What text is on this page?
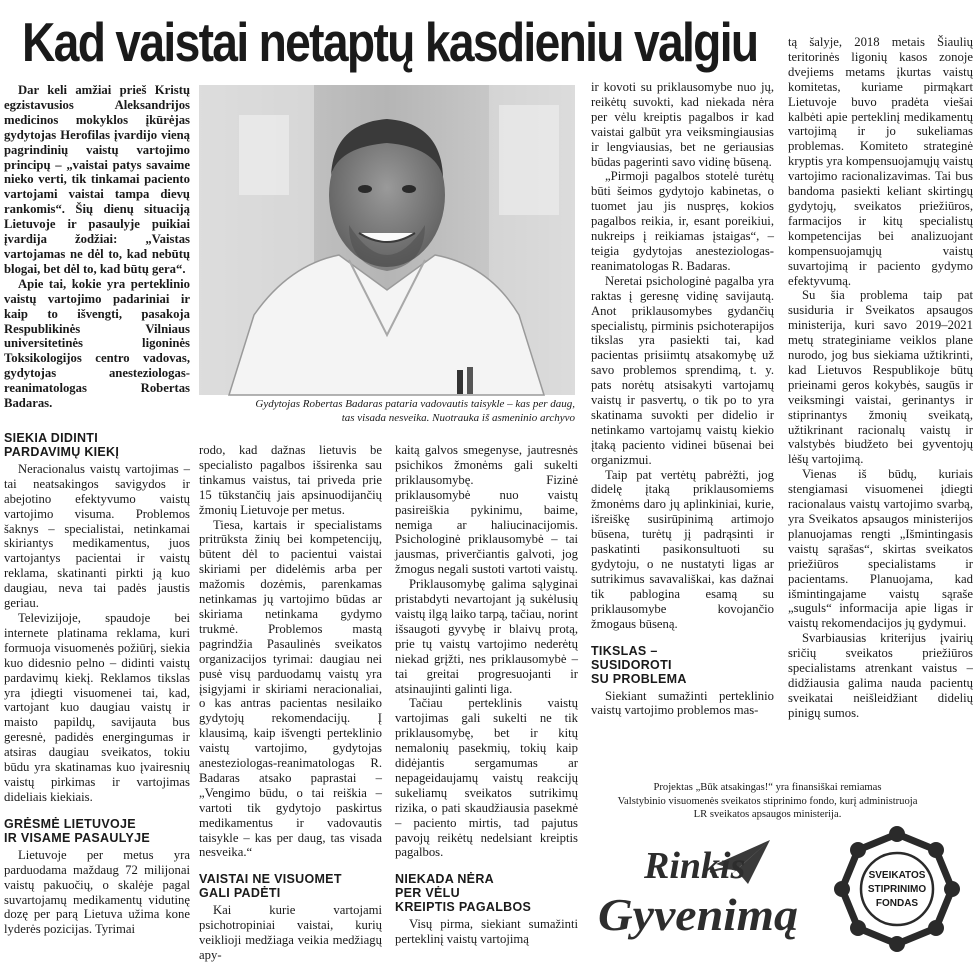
Kad vaistai netaptų kasdieniu valgiu

Dar keli amžiai prieš Kristų egzistavusios Aleksandrijos medicinos mokyklos įkūrėjas gydytojas Herofilas įvardijo vieną pagrindinių vaistų vartojimo principų – „vaistai patys savaime nieko verti, tik tinkamai paciento vartojami vaistai tampa dievų rankomis“. Šių dienų situaciją Lietuvoje ir pasaulyje puikiai įvardija žodžiai: „Vaistas vartojamas ne dėl to, kad nebūtų blogai, bet dėl to, kad būtų gera“.

Apie tai, kokie yra perteklinio vaistų vartojimo padariniai ir kaip to išvengti, pasakoja Respublikinės Vilniaus universitetinės ligoninės Toksikologijos centro vadovas, gydytojas anesteziologas-reanimatologas Robertas Badaras.

SIEKIA DIDINTI
PARDAVIMŲ KIEKĮ

Neracionalus vaistų vartojimas – tai neatsakingos savigydos ir abejotino efektyvumo vaistų vartojimo visuma. Problemos šaknys – specialistai, netinkamai skiriantys medikamentus, juos vartojantys pacientai ir vaistų reklama, skatinanti pirkti ją kuo daugiau, neva tai padės jaustis geriau.

Televizijoje, spaudoje bei internete platinama reklama, kuri formuoja visuomenės požiūrį, siekia kuo didesnio pelno – didinti vaistų pardavimų kiekį. Reklamos tikslas yra įdiegti visuomenei tai, kad, vartojant kuo daugiau vaistų ir maisto papildų, savijauta bus geresnė, padidės energingumas ir atsiras daugiau sveikatos, tokiu būdu yra skatinamas kuo įvairesnių vaistų pirkimas ir vartojimas dideliais kiekiais.

GRĖSMĖ LIETUVOJE
IR VISAME PASAULYJE

Lietuvoje per metus yra parduodama maždaug 72 milijonai vaistų pakuočių, o skalėje pagal suvartojamų medikamentų vidutinę dozę per parą Lietuva užima kone lyderės pozicijas. Tyrimai

Gydytojas Robertas Badaras pataria vadovautis taisykle – kas per daug,
tas visada nesveika. Nuotrauka iš asmeninio archyvo

rodo, kad dažnas lietuvis be specialisto pagalbos išsirenka sau tinkamus vaistus, tai priveda prie 15 tūkstančių jais apsinuodijančių žmonių Lietuvoje per metus.

Tiesa, kartais ir specialistams pritrūksta žinių bei kompetencijų, būtent dėl to pacientui vaistai skiriami per didelėmis arba per mažomis dozėmis, parenkamas netinkamas jų vartojimo būdas ar skiriama netinkama gydymo trukmė. Problemos mastą pagrindžia Pasaulinės sveikatos organizacijos tyrimai: daugiau nei pusė visų parduodamų vaistų yra įsigyjami ir skiriami neracionaliai, o kas antras pacientas nesilaiko gydytojų rekomendacijų. Į klausimą, kaip išvengti perteklinio vaistų vartojimo, gydytojas anesteziologas-reanimatologas R. Badaras atsako paprastai – „Vengimo būdu, o tai reiškia – vartoti tik gydytojo paskirtus medikamentus ir vadovautis taisykle – kas per daug, tas visada nesveika.“

VAISTAI NE VISUOMET
GALI PADĖTI

Kai kurie vartojami psichotropiniai vaistai, kurių veiklioji medžiaga veikia medžiagų apy-

kaitą galvos smegenyse, jautresnės psichikos žmonėms gali sukelti priklausomybę. Fizinė priklausomybė nuo vaistų pasireiškia pykinimu, baime, nemiga ar haliucinacijomis. Psichologinė priklausomybė – tai jausmas, priverčiantis galvoti, jog žmogus negali sustoti vartoti vaistų.

Priklausomybę galima sąlyginai pristabdyti nevartojant ją sukėlusių vaistų ilgą laiko tarpą, tačiau, norint išsaugoti gyvybę ir blaivų protą, prie tų vaistų vartojimo nederėtų niekad grįžti, nes priklausomybė – tai greitai progresuojanti ir atsinaujinti galinti liga.

Tačiau perteklinis vaistų vartojimas gali sukelti ne tik priklausomybę, bet ir kitų nemalonių pasekmių, tokių kaip didėjantis sergamumas ar nepageidaujamų vaistų reakcijų sukeliamų sveikatos sutrikimų rizika, o pati skaudžiausia pasekmė – paciento mirtis, tad pajutus pavojų reikėtų nedelsiant kreiptis pagalbos.

NIEKADA NĖRA
PER VĖLU
KREIPTIS PAGALBOS

Visų pirma, siekiant sumažinti perteklinį vaistų vartojimą

ir kovoti su priklausomybe nuo jų, reikėtų suvokti, kad niekada nėra per vėlu kreiptis pagalbos ir kad vaistai galbūt yra veiksmingiausias ir lengviausias, bet ne geriausias būdas pagerinti savo vidinę būseną.

„Pirmoji pagalbos stotelė turėtų būti šeimos gydytojo kabinetas, o tuomet jau jis nuspręs, kokios pagalbos reikia, ir, esant poreikiui, nukreips į reikiamas įstaigas“, – teigia gydytojas anesteziologas-reanimatologas R. Badaras.

Neretai psichologinė pagalba yra raktas į geresnę vidinę savijautą. Anot priklausomybes gydančių specialistų, pirminis psichoterapijos tikslas yra pasiekti tai, kad pacientas prisiimtų atsakomybę už savo problemos sprendimą, t. y. pats norėtų atsisakyti vartojamų vaistų ir pasvertų, o tik po to yra skatinama suvokti per didelio ir netinkamo vartojamų vaistų kiekio įtaką paciento vidinei būsenai bei organizmui.

Taip pat vertėtų pabrėžti, jog didelę įtaką priklausomiems žmonėms daro jų aplinkiniai, kurie, išreiškę susirūpinimą artimojo būsena, turėtų jį padrąsinti ir paskatinti pasikonsultuoti su gydytoju, o ne nustatyti ligas ar sutrikimus savavališkai, kas dažnai tik pablogina esamą su priklausomybe kovojančio žmogaus būseną.

TIKSLAS –
SUSIDOROTI
SU PROBLEMA

Siekiant sumažinti perteklinio vaistų vartojimo problemos mas-

tą šalyje, 2018 metais Šiaulių teritorinės ligonių kasos zonoje dvejiems metams įkurtas vaistų komitetas, kuriame pirmąkart Lietuvoje buvo pradėta viešai kalbėti apie perteklinį medikamentų vartojimą ir jo sukeliamas problemas. Komiteto strateginė kryptis yra kompensuojamųjų vaistų vartojimo racionalizavimas. Tai bus bandoma pasiekti keliant skirtingų gydytojų, sveikatos priežiūros, farmacijos ir kitų specialistų kompetencijas bei analizuojant kompensuojamųjų vaistų suvartojimą ir paciento gydymo efektyvumą.

Su šia problema taip pat susiduria ir Sveikatos apsaugos ministerija, kuri savo 2019–2021 metų strateginiame veiklos plane nurodo, jog bus siekiama užtikrinti, kad Lietuvos Respublikoje būtų prieinami geros kokybės, saugūs ir veiksmingi vaistai, gerinantys ir stiprinantys žmonių sveikatą, užtikrinant racionalų vaistų ir valstybės biudžeto bei gyventojų lėšų vartojimą.

Vienas iš būdų, kuriais stengiamasi visuomenei įdiegti racionalaus vaistų vartojimo svarbą, yra Sveikatos apsaugos ministerijos planuojamas rengti „Išmintingasis vaistų sąrašas“, skirtas sveikatos priežiūros specialistams ir pacientams. Planuojama, kad išmintingajame vaistų sąraše „suguls“ informacija apie ligas ir vaistų rekomendacijos jų gydymui.

Svarbiausias kriterijus įvairių sričių sveikatos priežiūros specialistams atrenkant vaistus – didžiausia galima nauda pacientų sveikatai neišleidžiant didelių pinigų sumos.

Projektas „Būk atsakingas!“ yra finansiškai remiamas
Valstybinio visuomenės sveikatos stiprinimo fondo, kurį administruoja
LR sveikatos apsaugos ministerija.
Rinkis
Gyvenimą
SVEIKATOS
STIPRINIMO
FONDAS
